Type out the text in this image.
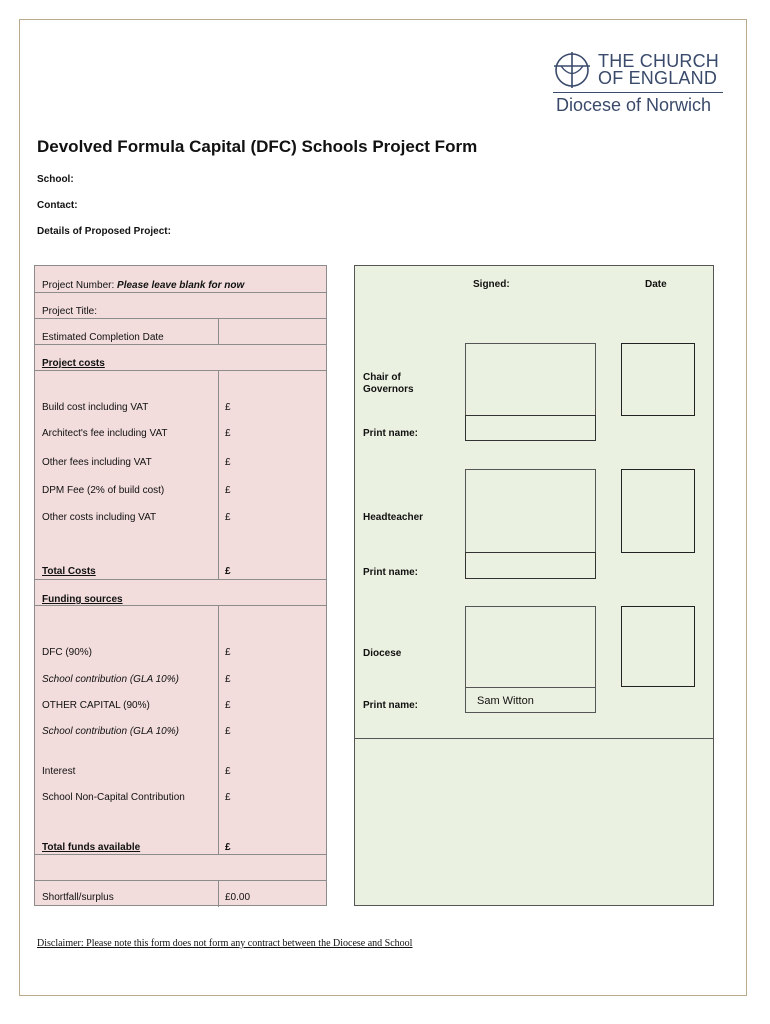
THE CHURCH
OF ENGLAND
Diocese of Norwich
Devolved Formula Capital (DFC) Schools Project Form
School:
Contact:
Details of Proposed Project:
Project Number: Please leave blank for now
Project Title:
Estimated Completion Date
Project costs
Build cost including VAT	£
Architect's fee including VAT	£
Other fees including VAT	£
DPM Fee (2% of build cost)	£
Other costs including VAT	£
Total Costs	£
Funding sources
DFC (90%)	£
School contribution (GLA 10%)	£
OTHER CAPITAL (90%)	£
School contribution (GLA 10%)	£
Interest	£
School Non-Capital Contribution	£
Total funds available	£
Shortfall/surplus	£0.00
Signed:	Date
Chair of
Governors
Print name:
Headteacher
Print name:
Diocese
Sam Witton
Print name:
Disclaimer: Please note this form does not form any contract between the Diocese and School
